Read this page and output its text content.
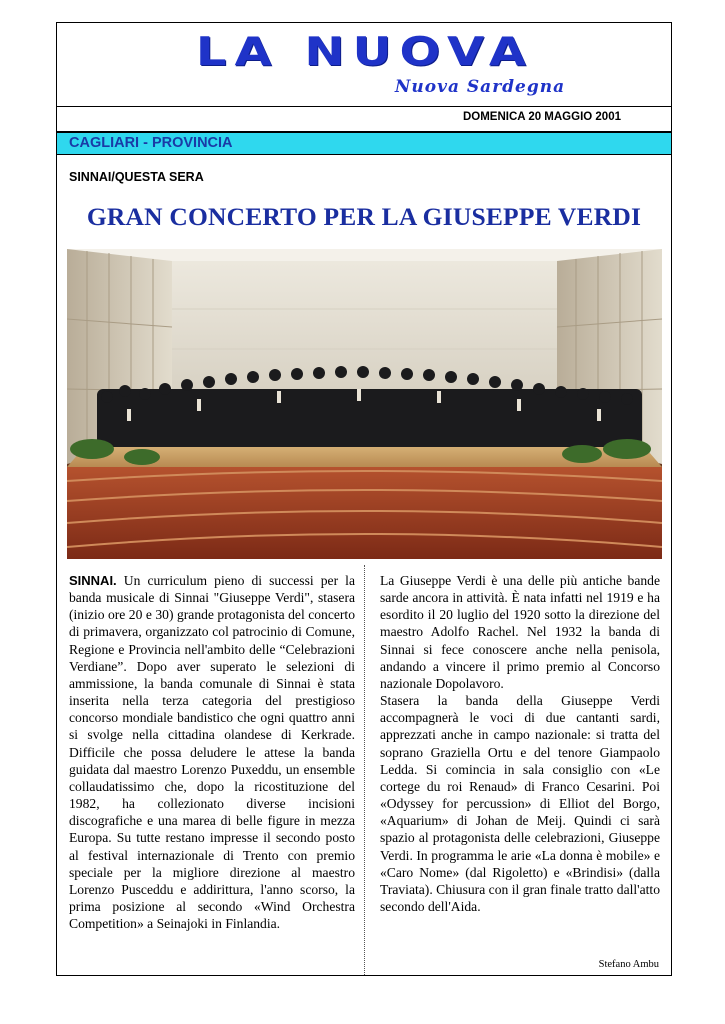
LA NUOVA
Nuova Sardegna
DOMENICA 20 MAGGIO 2001
CAGLIARI - PROVINCIA
SINNAI/QUESTA SERA
GRAN CONCERTO PER LA GIUSEPPE VERDI

SINNAI. Un curriculum pieno di successi per la banda musicale di Sinnai "Giuseppe Verdi", stasera (inizio ore 20 e 30) grande protagonista del concerto di primavera, organizzato col patrocinio di Comune, Regione e Provincia nell'ambito delle “Celebrazioni Verdiane”. Dopo aver superato le selezioni di ammissione, la banda comunale di Sinnai è stata inserita nella terza categoria del prestigioso concorso mondiale bandistico che ogni quattro anni si svolge nella cittadina olandese di Kerkrade. Difficile che possa deludere le attese la banda guidata dal maestro Lorenzo Puxeddu, un ensemble collaudatissimo che, dopo la ricostituzione del 1982, ha collezionato diverse incisioni discografiche e una marea di belle figure in mezza Europa. Su tutte restano impresse il secondo posto al festival internazionale di Trento con premio speciale per la migliore direzione al maestro Lorenzo Pusceddu e addirittura, l'anno scorso, la prima posizione al secondo «Wind Orchestra Competition» a Seinajoki in Finlandia.

La Giuseppe Verdi è una delle più antiche bande sarde ancora in attività. È nata infatti nel 1919 e ha esordito il 20 luglio del 1920 sotto la direzione del maestro Adolfo Rachel. Nel 1932 la banda di Sinnai si fece conoscere anche nella penisola, andando a vincere il primo premio al Concorso nazionale Dopolavoro.

Stasera la banda della Giuseppe Verdi accompagnerà le voci di due cantanti sardi, apprezzati anche in campo nazionale: si tratta del soprano Graziella Ortu e del tenore Giampaolo Ledda. Si comincia in sala consiglio con «Le cortege du roi Renaud» di Franco Cesarini. Poi «Odyssey for percussion» di Elliot del Borgo, «Aquarium» di Johan de Meij. Quindi ci sarà spazio al protagonista delle celebrazioni, Giuseppe Verdi. In programma le arie «La donna è mobile» e «Caro Nome» (dal Rigoletto) e «Brindisi» (dalla Traviata). Chiusura con il gran finale tratto dall'atto secondo dell'Aida.

Stefano Ambu
